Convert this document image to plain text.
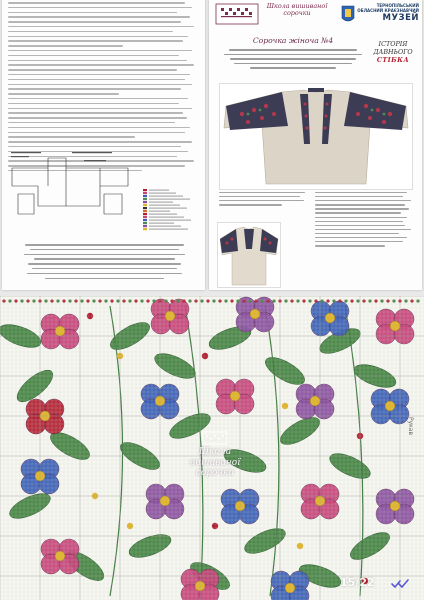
Школа вишиваної сорочки
ТЕРНОПІЛЬСЬКИЙ ОБЛАСНИЙ КРАЄЗНАВЧИЙ
МУЗЕЙ
Сорочка жіноча №4	ІСТОРІЯ
ДАВНЬОГО
СТІБКА
Школа
вишиваної
сорочки
Рукав
15/22
